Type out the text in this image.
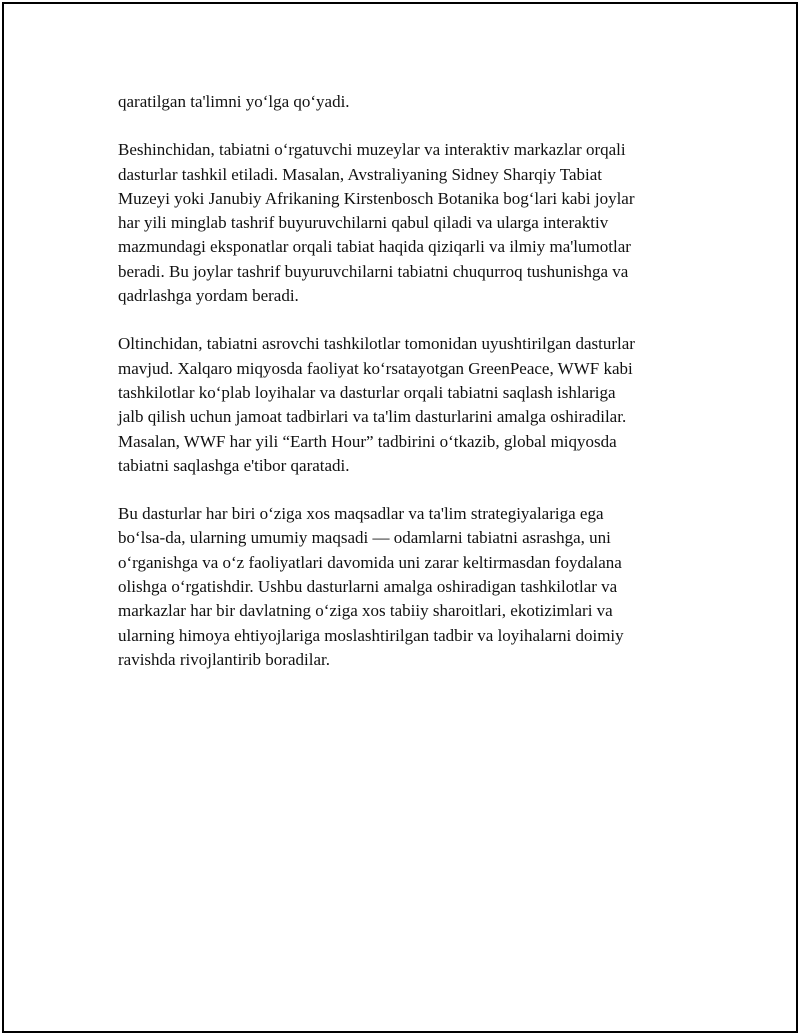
qaratilgan ta'limni yo‘lga qo‘yadi.

Beshinchidan, tabiatni o‘rgatuvchi muzeylar va interaktiv markazlar orqali
dasturlar tashkil etiladi. Masalan, Avstraliyaning Sidney Sharqiy Tabiat
Muzeyi yoki Janubiy Afrikaning Kirstenbosch Botanika bog‘lari kabi joylar
har yili minglab tashrif buyuruvchilarni qabul qiladi va ularga interaktiv
mazmundagi eksponatlar orqali tabiat haqida qiziqarli va ilmiy ma'lumotlar
beradi. Bu joylar tashrif buyuruvchilarni tabiatni chuqurroq tushunishga va
qadrlashga yordam beradi.

Oltinchidan, tabiatni asrovchi tashkilotlar tomonidan uyushtirilgan dasturlar
mavjud. Xalqaro miqyosda faoliyat ko‘rsatayotgan GreenPeace, WWF kabi
tashkilotlar ko‘plab loyihalar va dasturlar orqali tabiatni saqlash ishlariga
jalb qilish uchun jamoat tadbirlari va ta'lim dasturlarini amalga oshiradilar.
Masalan, WWF har yili “Earth Hour” tadbirini o‘tkazib, global miqyosda
tabiatni saqlashga e'tibor qaratadi.

Bu dasturlar har biri o‘ziga xos maqsadlar va ta'lim strategiyalariga ega
bo‘lsa-da, ularning umumiy maqsadi — odamlarni tabiatni asrashga, uni
o‘rganishga va o‘z faoliyatlari davomida uni zarar keltirmasdan foydalana
olishga o‘rgatishdir. Ushbu dasturlarni amalga oshiradigan tashkilotlar va
markazlar har bir davlatning o‘ziga xos tabiiy sharoitlari, ekotizimlari va
ularning himoya ehtiyojlariga moslashtirilgan tadbir va loyihalarni doimiy
ravishda rivojlantirib boradilar.
